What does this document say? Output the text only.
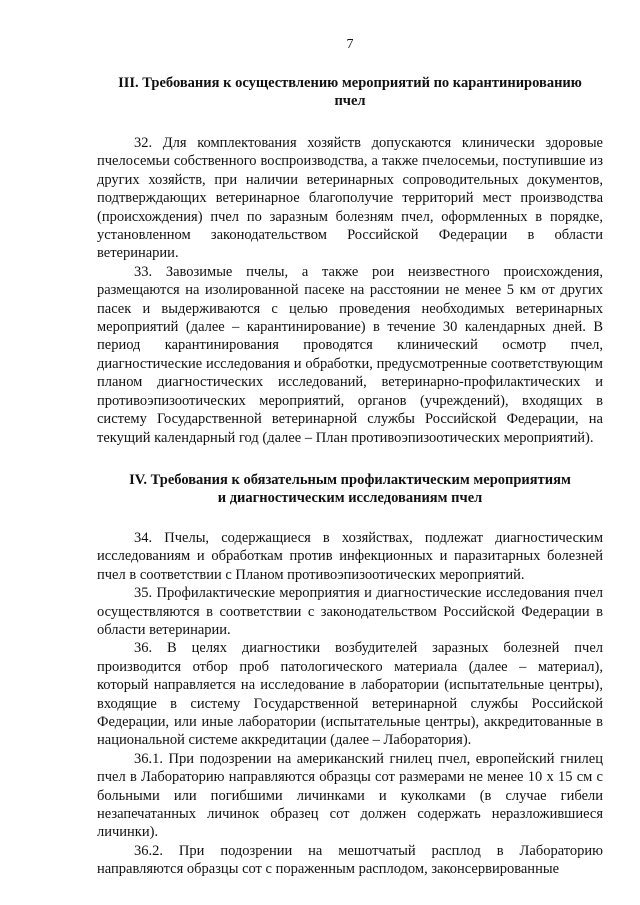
7
III. Требования к осуществлению мероприятий по карантинированию
пчел

32. Для комплектования хозяйств допускаются клинически здоровые пчелосемьи собственного воспроизводства, а также пчелосемьи, поступившие из других хозяйств, при наличии ветеринарных сопроводительных документов, подтверждающих ветеринарное благополучие территорий мест производства (происхождения) пчел по заразным болезням пчел, оформленных в порядке, установленном законодательством Российской Федерации в области ветеринарии.

33. Завозимые пчелы, а также рои неизвестного происхождения, размещаются на изолированной пасеке на расстоянии не менее 5 км от других пасек и выдерживаются с целью проведения необходимых ветеринарных мероприятий (далее – карантинирование) в течение 30 календарных дней. В период карантинирования проводятся клинический осмотр пчел, диагностические исследования и обработки, предусмотренные соответствующим планом диагностических исследований, ветеринарно-профилактических и противоэпизоотических мероприятий, органов (учреждений), входящих в систему Государственной ветеринарной службы Российской Федерации, на текущий календарный год (далее – План противоэпизоотических мероприятий).

IV. Требования к обязательным профилактическим мероприятиям
и диагностическим исследованиям пчел

34. Пчелы, содержащиеся в хозяйствах, подлежат диагностическим исследованиям и обработкам против инфекционных и паразитарных болезней пчел в соответствии с Планом противоэпизоотических мероприятий.

35. Профилактические мероприятия и диагностические исследования пчел осуществляются в соответствии с законодательством Российской Федерации в области ветеринарии.

36. В целях диагностики возбудителей заразных болезней пчел производится отбор проб патологического материала (далее – материал), который направляется на исследование в лаборатории (испытательные центры), входящие в систему Государственной ветеринарной службы Российской Федерации, или иные лаборатории (испытательные центры), аккредитованные в национальной системе аккредитации (далее – Лаборатория).

36.1. При подозрении на американский гнилец пчел, европейский гнилец пчел в Лабораторию направляются образцы сот размерами не менее 10 х 15 см с больными или погибшими личинками и куколками (в случае гибели незапечатанных личинок образец сот должен содержать неразложившиеся личинки).

36.2. При подозрении на мешотчатый расплод в Лабораторию направляются образцы сот с пораженным расплодом, законсервированные
